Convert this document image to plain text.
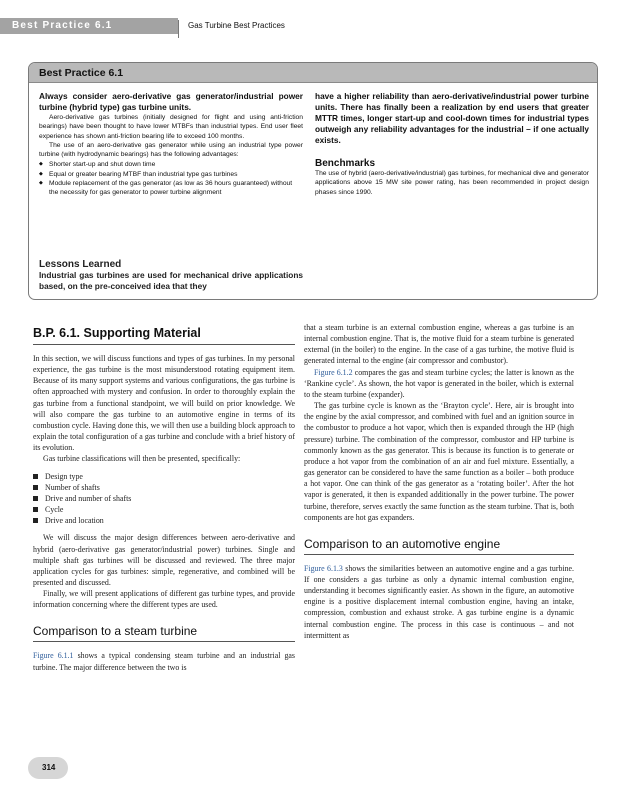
Best Practice 6.1	Gas Turbine Best Practices
Best Practice 6.1

Always consider aero-derivative gas generator/industrial power turbine (hybrid type) gas turbine units.

Aero-derivative gas turbines (initially designed for flight and using anti-friction bearings) have been thought to have lower MTBFs than industrial types. End user fleet experience has shown anti-friction bearing life to exceed 100 months.

The use of an aero-derivative gas generator while using an industrial type power turbine (with hydrodynamic bearings) has the following advantages:

◆ Shorter start-up and shut down time
◆ Equal or greater bearing MTBF than industrial type gas turbines
◆ Module replacement of the gas generator (as low as 36 hours guaranteed) without the necessity for gas generator to power turbine alignment
Lessons Learned

Industrial gas turbines are used for mechanical drive applications based, on the pre-conceived idea that they

have a higher reliability than aero-derivative/industrial power turbine units. There has finally been a realization by end users that greater MTTR times, longer start-up and cool-down times for industrial types outweigh any reliability advantages for the industrial – if one actually exists.

Benchmarks

The use of hybrid (aero-derivative/industrial) gas turbines, for mechanical dive and generator applications above 15 MW site power rating, has been recommended in project design phases since 1990.

B.P. 6.1. Supporting Material

In this section, we will discuss functions and types of gas turbines. In my personal experience, the gas turbine is the most misunderstood rotating equipment item. Because of its many support systems and various configurations, the gas turbine is often approached with mystery and confusion. In order to thoroughly explain the gas turbine from a functional standpoint, we will build on prior knowledge. We will also compare the gas turbine to an automotive engine in terms of its combustion cycle. Having done this, we will then use a building block approach to explain the total configuration of a gas turbine and conclude with a brief history of its evolution.

Gas turbine classifications will then be presented, specifically:

Design type
Number of shafts
Drive and number of shafts
Cycle
Drive and location

We will discuss the major design differences between aero-derivative and hybrid (aero-derivative gas generator/industrial power) turbines. Single and multiple shaft gas turbines will be discussed and reviewed. The three major application cycles for gas turbines: simple, regenerative, and combined will be presented and discussed.

Finally, we will present applications of different gas turbine types, and provide information concerning where the different types are used.

Comparison to a steam turbine

Figure 6.1.1 shows a typical condensing steam turbine and an industrial gas turbine. The major difference between the two is

that a steam turbine is an external combustion engine, whereas a gas turbine is an internal combustion engine. That is, the motive fluid for a steam turbine is generated external (in the boiler) to the engine. In the case of a gas turbine, the motive fluid is generated internal to the engine (air compressor and combustor).

Figure 6.1.2 compares the gas and steam turbine cycles; the latter is known as the ‘Rankine cycle’. As shown, the hot vapor is generated in the boiler, which is external to the steam turbine (expander).

The gas turbine cycle is known as the ‘Brayton cycle’. Here, air is brought into the engine by the axial compressor, and combined with fuel and an ignition source in the combustor to produce a hot vapor, which then is expanded through the HP (high pressure) turbine. The combination of the compressor, combustor and HP turbine is commonly known as the gas generator. This is because its function is to generate or produce a hot vapor from the combination of an air and fuel mixture. Essentially, a gas generator can be considered to have the same function as a boiler – both produce a hot vapor. One can think of the gas generator as a ‘rotating boiler’. After the hot vapor is generated, it then is expanded additionally in the power turbine. The power turbine, therefore, serves exactly the same function as the steam turbine. That is, both components are hot gas expanders.

Comparison to an automotive engine

Figure 6.1.3 shows the similarities between an automotive engine and a gas turbine. If one considers a gas turbine as only a dynamic internal combustion engine, understanding it becomes significantly easier. As shown in the figure, an automotive engine is a positive displacement internal combustion engine, having an intake, compression, combustion and exhaust stroke. A gas turbine engine is a dynamic internal combustion engine. The process in this case is continuous – and not intermittent as

314
